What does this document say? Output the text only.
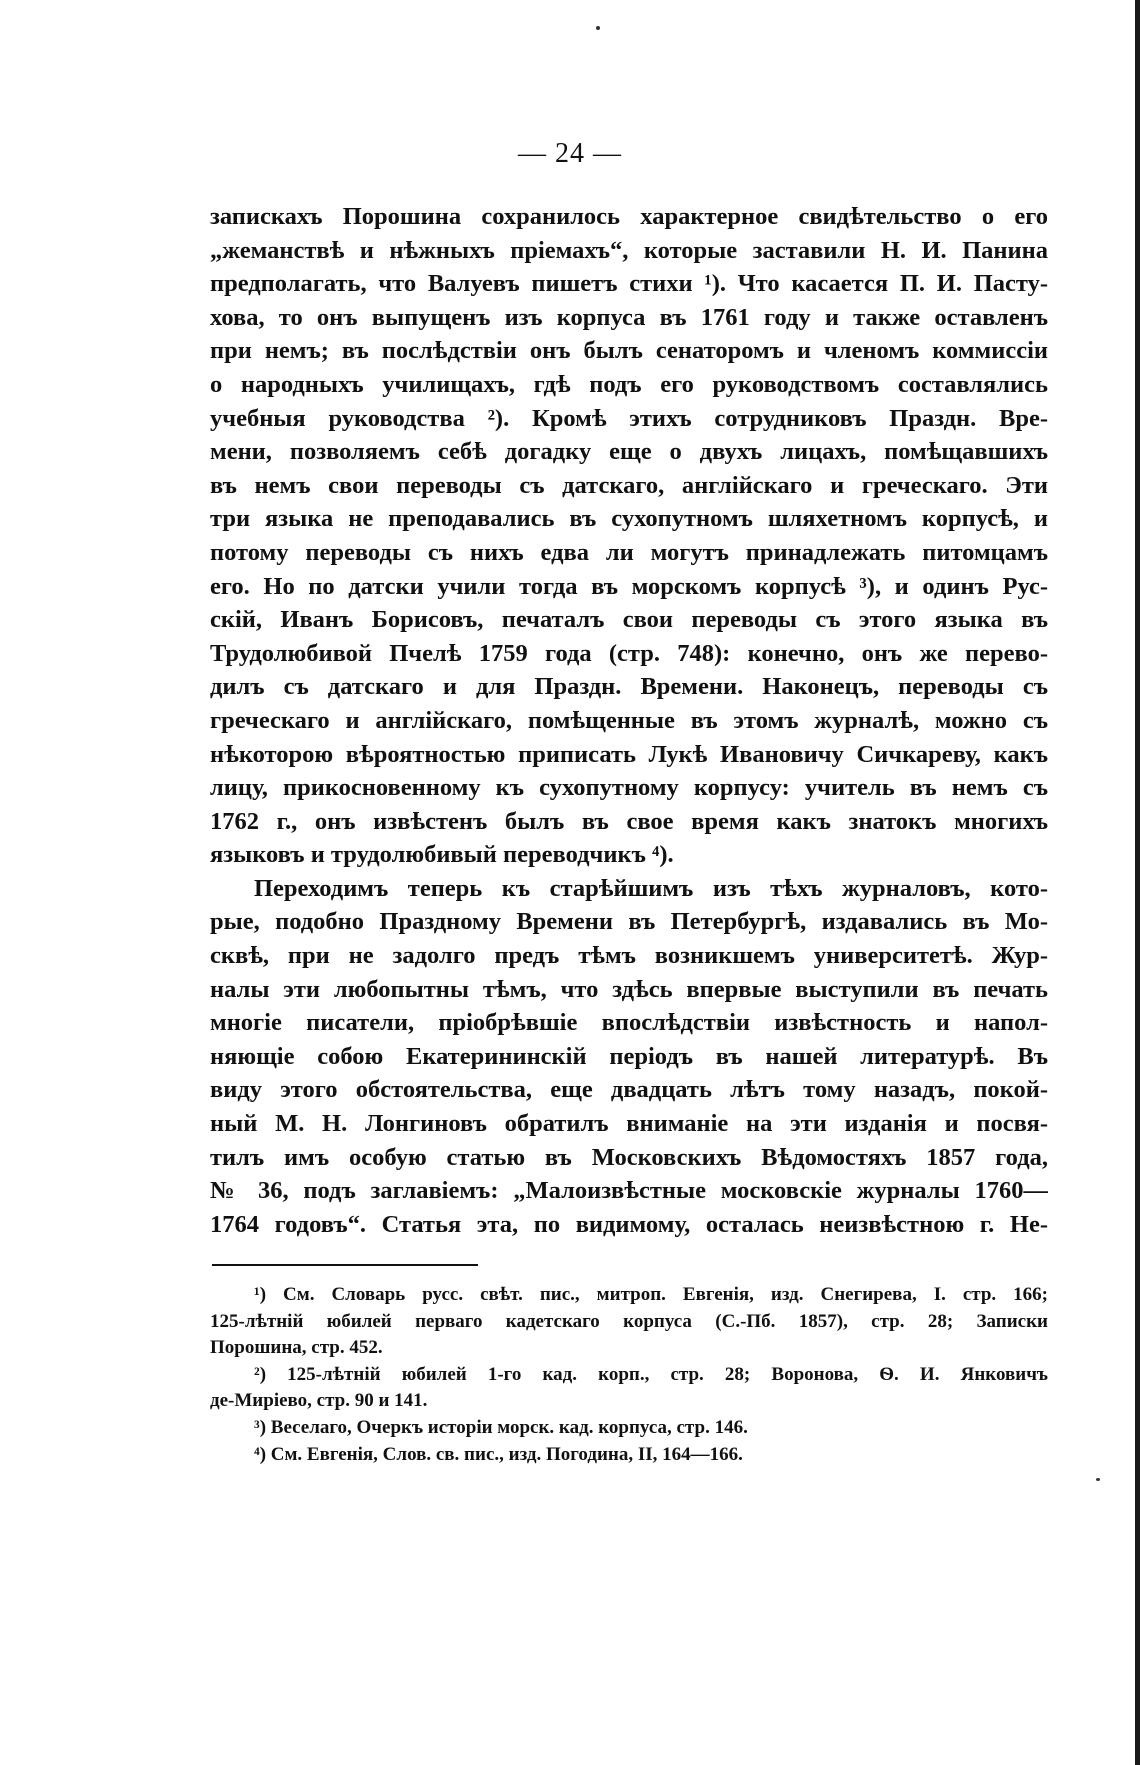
— 24 —
запискахъ Порошина сохранилось характерное свидѣтельство о его
„жеманствѣ и нѣжныхъ пріемахъ“, которые заставили Н. И. Панина
предполагать, что Валуевъ пишетъ стихи ¹). Что касается П. И. Пасту-
хова, то онъ выпущенъ изъ корпуса въ 1761 году и также оставленъ
при немъ; въ послѣдствіи онъ былъ сенаторомъ и членомъ коммиссіи
о народныхъ училищахъ, гдѣ подъ его руководствомъ составлялись
учебныя руководства ²). Кромѣ этихъ сотрудниковъ Праздн. Вре-
мени, позволяемъ себѣ догадку еще о двухъ лицахъ, помѣщавшихъ
въ немъ свои переводы съ датскаго, англійскаго и греческаго. Эти
три языка не преподавались въ сухопутномъ шляхетномъ корпусѣ, и
потому переводы съ нихъ едва ли могутъ принадлежать питомцамъ
его. Но по датски учили тогда въ морскомъ корпусѣ ³), и одинъ Рус-
скій, Иванъ Борисовъ, печаталъ свои переводы съ этого языка въ
Трудолюбивой Пчелѣ 1759 года (стр. 748): конечно, онъ же перево-
дилъ съ датскаго и для Праздн. Времени. Наконецъ, переводы съ
греческаго и англійскаго, помѣщенные въ этомъ журналѣ, можно съ
нѣкоторою вѣроятностью приписать Лукѣ Ивановичу Сичкареву, какъ
лицу, прикосновенному къ сухопутному корпусу: учитель въ немъ съ
1762 г., онъ извѣстенъ былъ въ свое время какъ знатокъ многихъ
языковъ и трудолюбивый переводчикъ ⁴).
Переходимъ теперь къ старѣйшимъ изъ тѣхъ журналовъ, кото-
рые, подобно Праздному Времени въ Петербургѣ, издавались въ Мо-
сквѣ, при не задолго предъ тѣмъ возникшемъ университетѣ. Жур-
налы эти любопытны тѣмъ, что здѣсь впервые выступили въ печать
многіе писатели, пріобрѣвшіе впослѣдствіи извѣстность и напол-
няющіе собою Екатерининскій періодъ въ нашей литературѣ. Въ
виду этого обстоятельства, еще двадцать лѣтъ тому назадъ, покой-
ный М. Н. Лонгиновъ обратилъ вниманіе на эти изданія и посвя-
тилъ имъ особую статью въ Московскихъ Вѣдомостяхъ 1857 года,
№ 36, подъ заглавіемъ: „Малоизвѣстные московскіе журналы 1760—
1764 годовъ“. Статья эта, по видимому, осталась неизвѣстною г. Не-
¹) См. Словарь русс. свѣт. пис., митроп. Евгенія, изд. Снегирева, I. стр. 166;
125-лѣтній юбилей перваго кадетскаго корпуса (С.-Пб. 1857), стр. 28; Записки
Порошина, стр. 452.
²) 125-лѣтній юбилей 1-го кад. корп., стр. 28; Воронова, Ѳ. И. Янковичъ
де-Миріево, стр. 90 и 141.
³) Веселаго, Очеркъ исторіи морск. кад. корпуса, стр. 146.
⁴) См. Евгенія, Слов. св. пис., изд. Погодина, II, 164—166.
